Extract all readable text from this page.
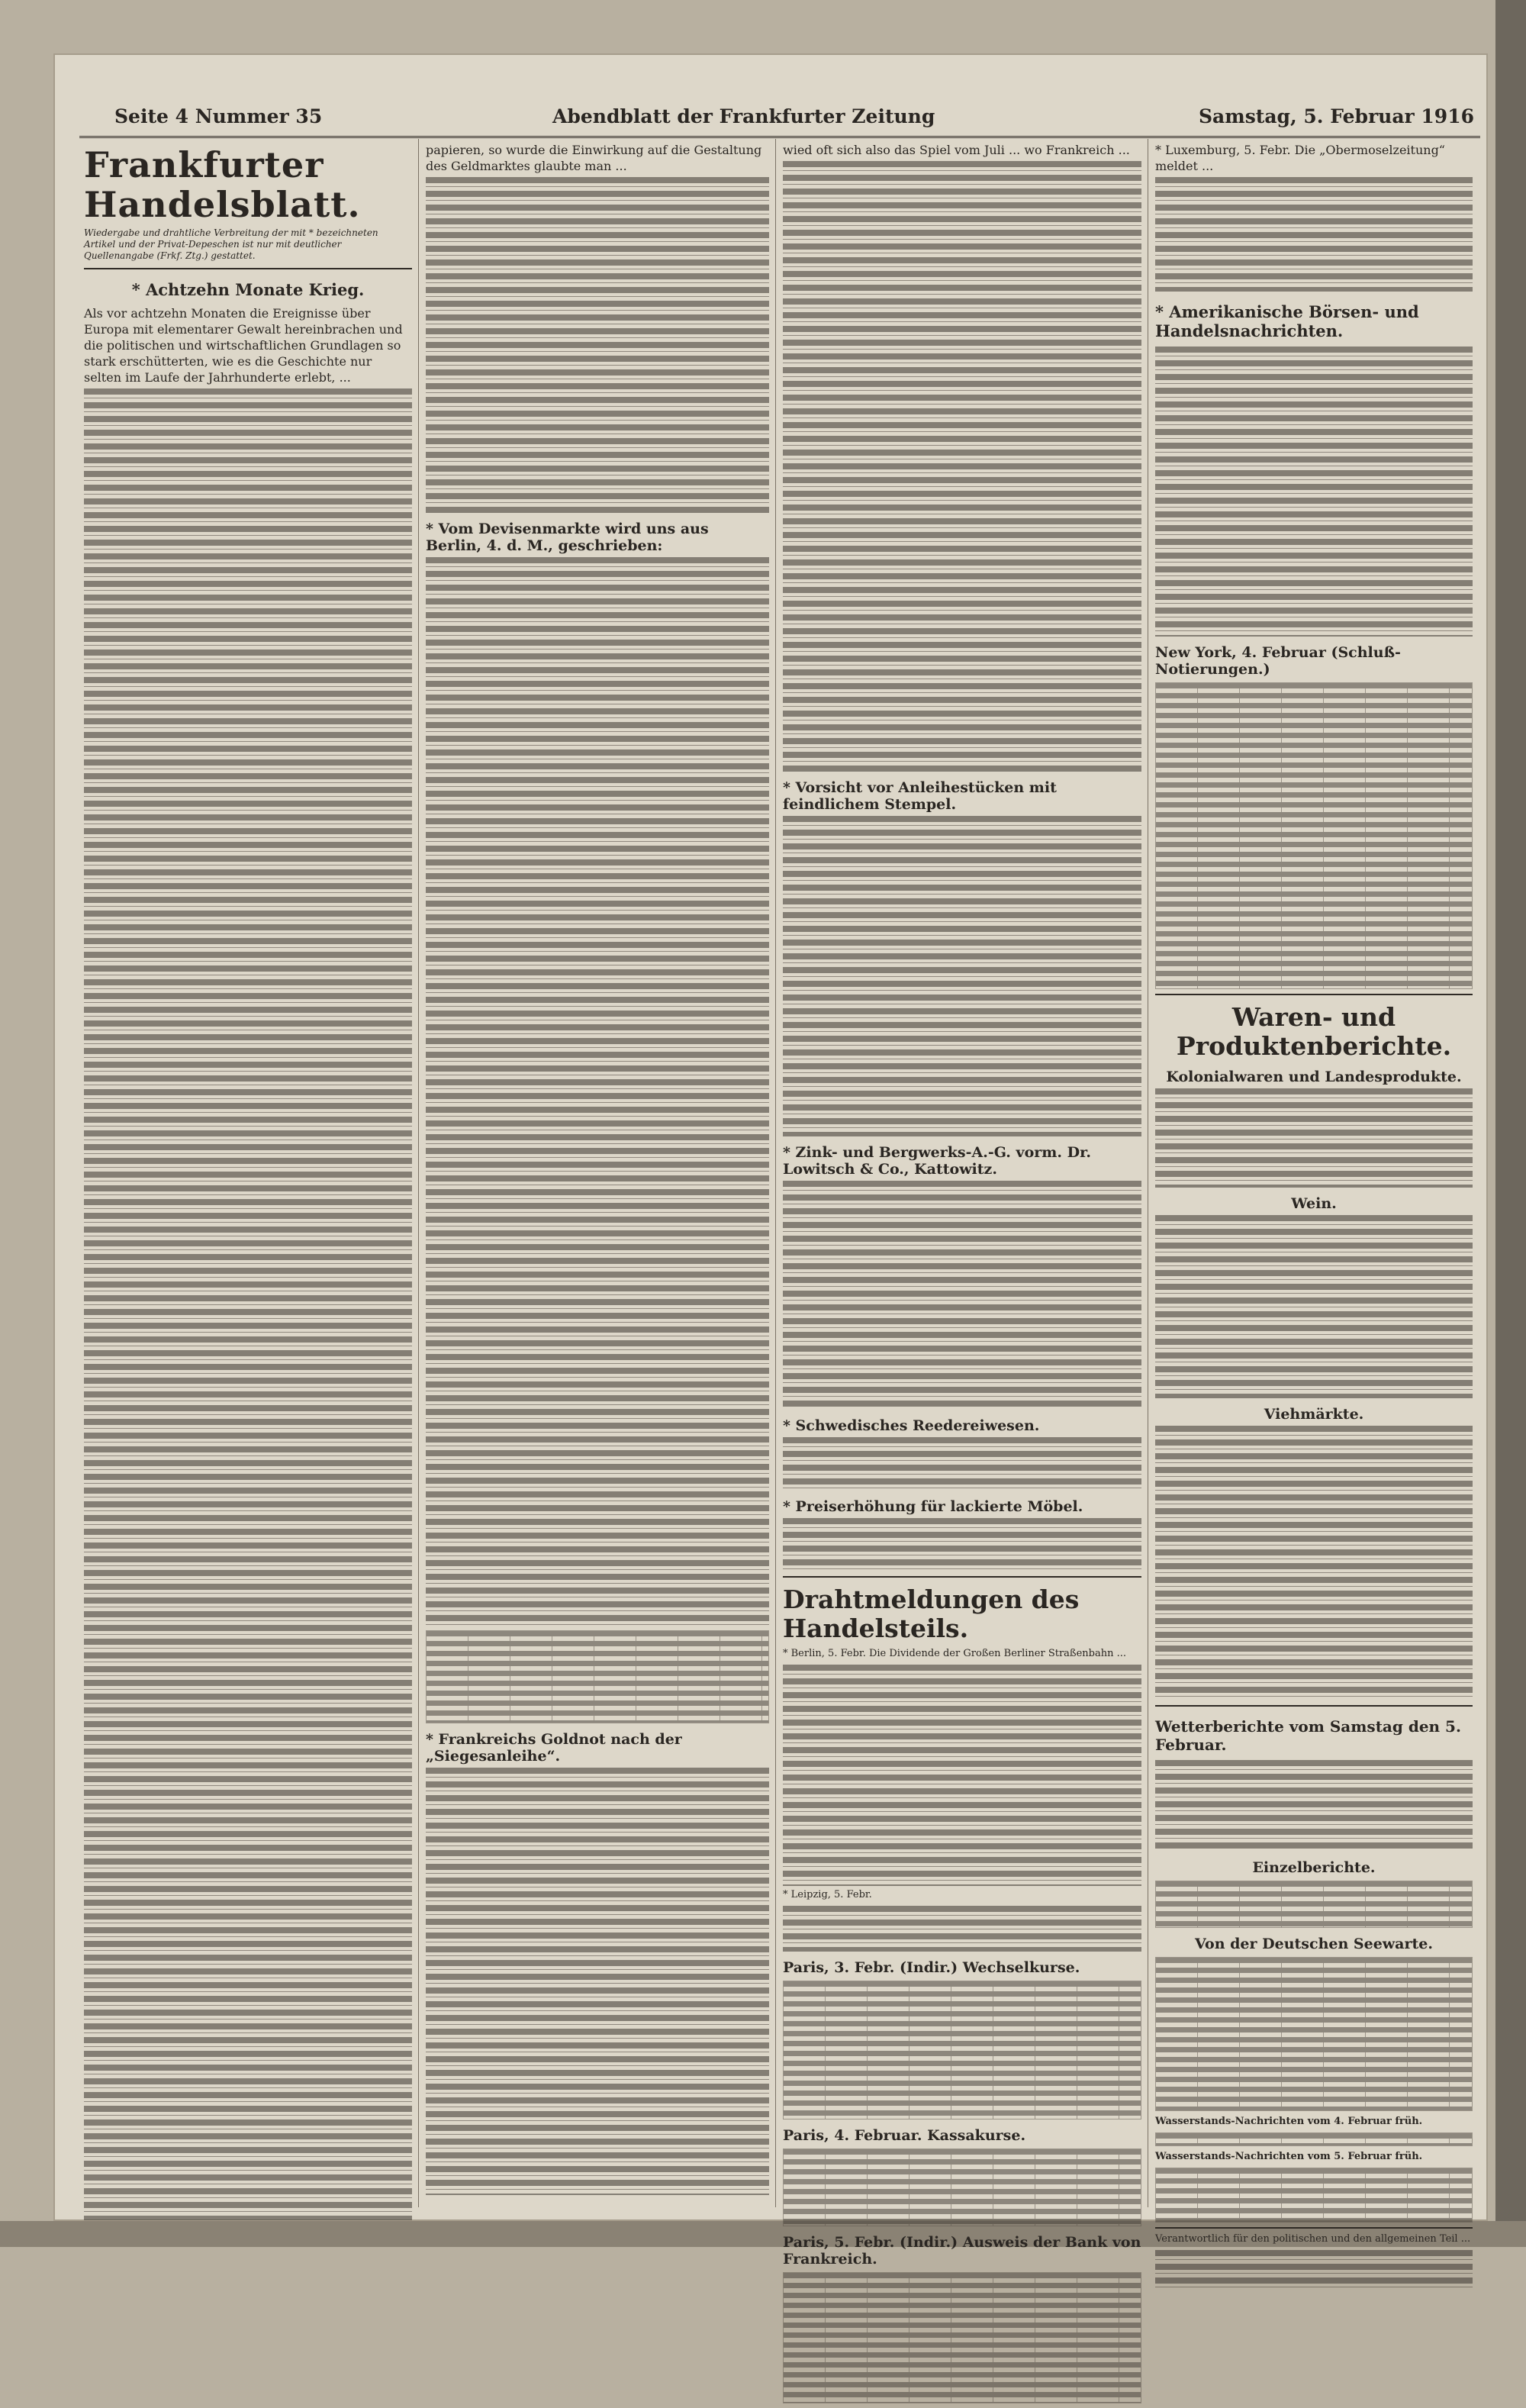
Seite 4 Nummer 35	Abendblatt der Frankfurter Zeitung	Samstag, 5. Februar 1916
Frankfurter Handelsblatt.
Wiedergabe und drahtliche Verbreitung der mit * bezeichneten Artikel und der Privat-Depeschen ist nur mit deutlicher Quellenangabe (Frkf. Ztg.) gestattet.
* Achtzehn Monate Krieg.
Als vor achtzehn Monaten die Ereignisse über Europa mit elementarer Gewalt hereinbrachen und die politischen und wirtschaftlichen Grundlagen so stark erschütterten, wie es die Geschichte nur selten im Laufe der Jahrhunderte erlebt, ...
papieren, so wurde die Einwirkung auf die Gestaltung des Geldmarktes glaubte man ...
* Vom Devisenmarkte wird uns aus Berlin, 4. d. M., geschrieben:
* Frankreichs Goldnot nach der „Siegesanleihe“.
wied oft sich also das Spiel vom Juli ... wo Frankreich ...
* Vorsicht vor Anleihestücken mit feindlichem Stempel.
* Zink- und Bergwerks-A.-G. vorm. Dr. Lowitsch & Co., Kattowitz.
* Schwedisches Reedereiwesen.
* Preiserhöhung für lackierte Möbel.
Drahtmeldungen des Handelsteils.
* Berlin, 5. Febr. Die Dividende der Großen Berliner Straßenbahn ...
* Leipzig, 5. Febr.
Paris, 3. Febr. (Indir.) Wechselkurse.
Paris, 4. Februar. Kassakurse.
Paris, 5. Febr. (Indir.) Ausweis der Bank von Frankreich.
* Luxemburg, 5. Febr. Die „Obermoselzeitung“ meldet ...
* Amerikanische Börsen- und Handelsnachrichten.
New York, 4. Februar (Schluß-Notierungen.)
Waren- und Produktenberichte.
Kolonialwaren und Landesprodukte.
Wein.
Viehmärkte.
Wetterberichte vom Samstag den 5. Februar.
Einzelberichte.
Von der Deutschen Seewarte.
Wasserstands-Nachrichten vom 4. Februar früh.
Wasserstands-Nachrichten vom 5. Februar früh.
Verantwortlich für den politischen und den allgemeinen Teil ...
